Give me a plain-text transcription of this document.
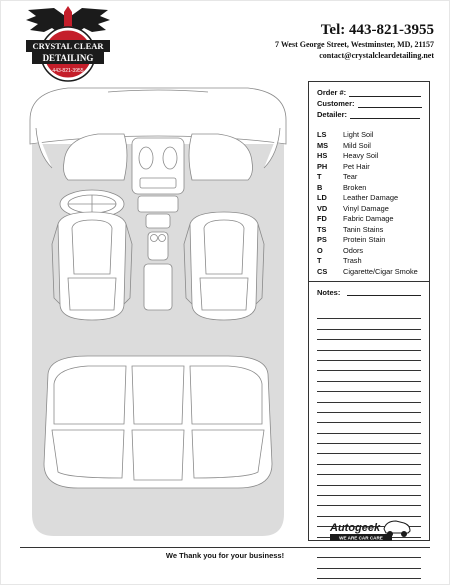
CRYSTAL CLEAR
DETAILING
443-821-3955
Tel: 443-821-3955
7 West George Street, Westminster, MD, 21157
contact@crystalcleardetailing.net
Order #:
Customer:
Detailer:
LS	Light Soil
MS	Mild Soil
HS	Heavy Soil
PH	Pet Hair
T	Tear
B	Broken
LD	Leather Damage
VD	Vinyl Damage
FD	Fabric Damage
TS	Tanin Stains
PS	Protein Stain
O	Odors
T	Trash
CS	Cigarette/Cigar Smoke
Notes:
Autogeek
WE ARE CAR CARE
We Thank you for your business!
